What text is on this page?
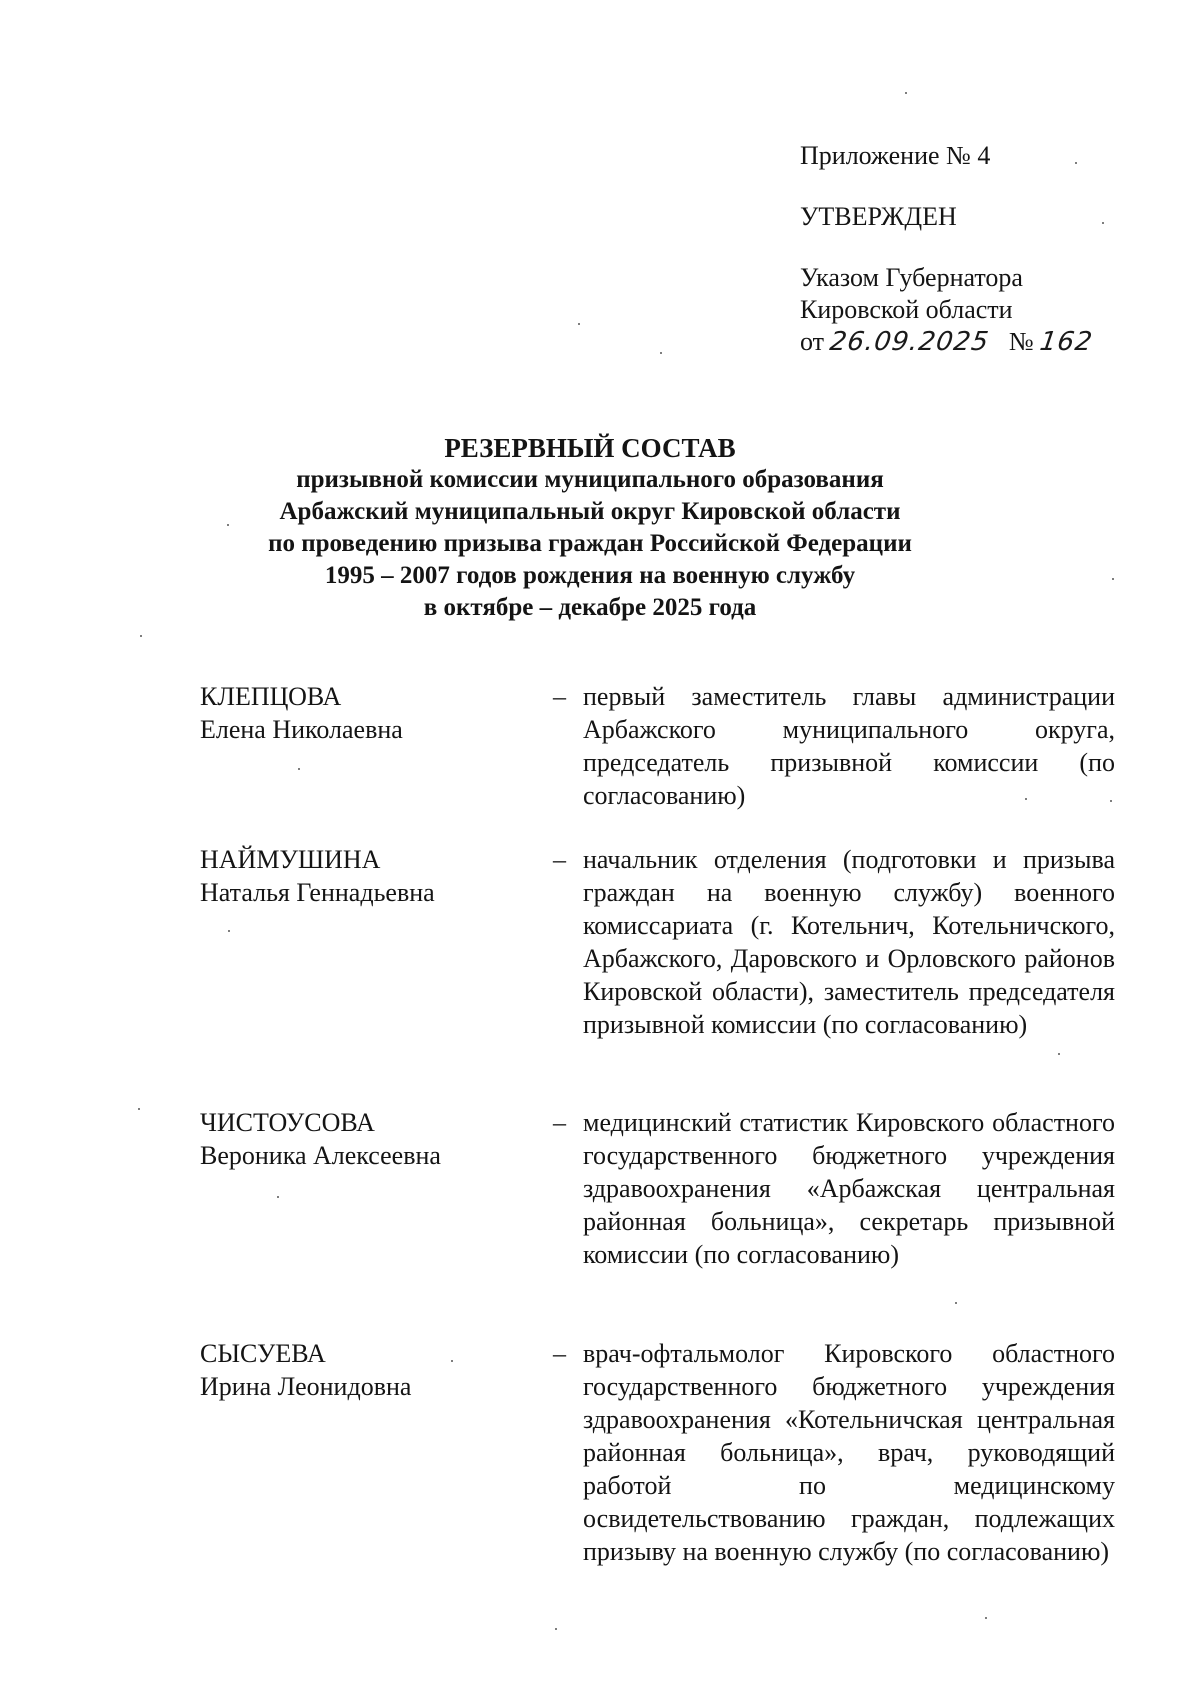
Приложение № 4
УТВЕРЖДЕН
Указом Губернатора
Кировской области
от 26.09.2025 № 162
РЕЗЕРВНЫЙ СОСТАВ
призывной комиссии муниципального образования
Арбажский муниципальный округ Кировской области
по проведению призыва граждан Российской Федерации
1995 – 2007 годов рождения на военную службу
в октябре – декабре 2025 года
КЛЕПЦОВА
Елена Николаевна
– первый заместитель главы администрации Арбажского муниципального округа, председатель призывной комиссии (по согласованию)
НАЙМУШИНА
Наталья Геннадьевна
– начальник отделения (подготовки и призыва граждан на военную службу) военного комиссариата (г. Котельнич, Котельничского, Арбажского, Даровского и Орловского районов Кировской области), заместитель председателя призывной комиссии (по согласованию)
ЧИСТОУСОВА
Вероника Алексеевна
– медицинский статистик Кировского областного государственного бюджетного учреждения здравоохранения «Арбажская центральная районная больница», секретарь призывной комиссии (по согласованию)
СЫСУЕВА
Ирина Леонидовна
– врач-офтальмолог Кировского областного государственного бюджетного учреждения здравоохранения «Котельничская центральная районная больница», врач, руководящий работой по медицинскому освидетельствованию граждан, подлежащих призыву на военную службу (по согласованию)
